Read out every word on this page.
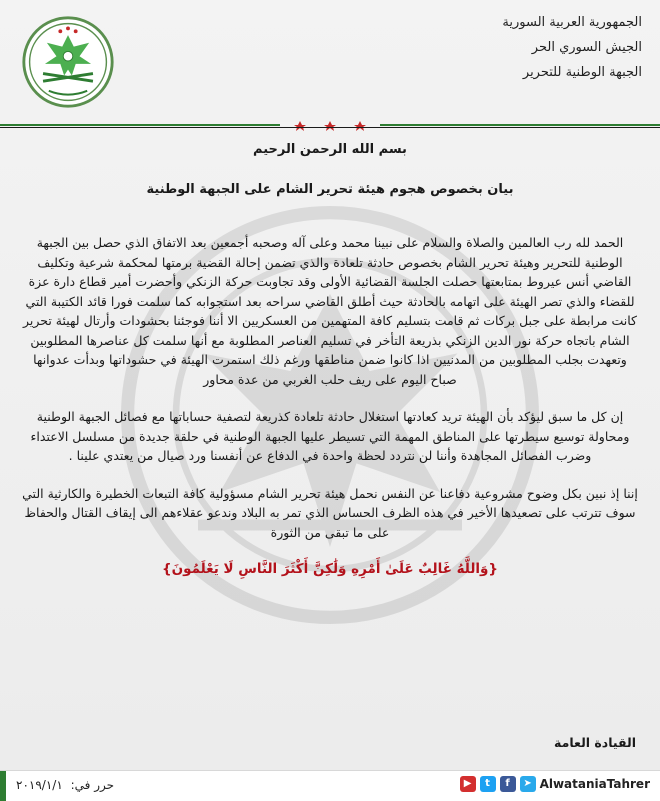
الجمهورية العربية السورية
الجيش السوري الحر
الجبهة الوطنية للتحرير

بسم الله الرحمن الرحيم

بيان بخصوص هجوم هيئة تحرير الشام على الجبهة الوطنية

الحمد لله رب العالمين والصلاة والسلام على نبينا محمد وعلى آله وصحبه أجمعين بعد الاتفاق الذي حصل بين الجبهة الوطنية للتحرير وهيئة تحرير الشام بخصوص حادثة تلعادة والذي تضمن إحالة القضية برمتها لمحكمة شرعية وتكليف القاضي أنس عيروط بمتابعتها حصلت الجلسة القضائية الأولى وقد تجاوبت حركة الزنكي وأحضرت أمير قطاع دارة عزة للقضاء والذي تصر الهيئة على اتهامه بالحادثة حيث أطلق القاضي سراحه بعد استجوابه كما سلمت فورا قائد الكتيبة التي كانت مرابطة على جبل بركات ثم قامت بتسليم كافة المتهمين من العسكريين الا أننا فوجئنا بحشودات وأرتال لهيئة تحرير الشام باتجاه حركة نور الدين الزنكي بذريعة التأخر في تسليم العناصر المطلوبة مع أنها سلمت كل عناصرها المطلوبين وتعهدت بجلب المطلوبين من المدنيين اذا كانوا ضمن مناطقها ورغم ذلك استمرت الهيئة في حشوداتها وبدأت عدوانها صباح اليوم على ريف حلب الغربي من عدة محاور

إن كل ما سبق ليؤكد بأن الهيئة تريد كعادتها استغلال حادثة تلعادة كذريعة لتصفية حساباتها مع فصائل الجبهة الوطنية ومحاولة توسيع سيطرتها على المناطق المهمة التي تسيطر عليها الجبهة الوطنية في حلقة جديدة من مسلسل الاعتداء وضرب الفصائل المجاهدة وأننا لن نتردد لحظة واحدة في الدفاع عن أنفسنا ورد صيال من يعتدي علينا .

إننا إذ نبين بكل وضوح مشروعية دفاعنا عن النفس نحمل هيئة تحرير الشام مسؤولية كافة التبعات الخطيرة والكارثية التي سوف تترتب على تصعيدها الأخير في هذه الظرف الحساس الذي تمر به البلاد وندعو عقلاءهم الى إيقاف القتال والحفاظ على ما تبقى من الثورة

{وَاللَّهُ غَالِبٌ عَلَىٰ أَمْرِهِ وَلَٰكِنَّ أَكْثَرَ النَّاسِ لَا يَعْلَمُونَ}

القيادة العامة
حرر في: ٢٠١٩/١/١	▶	t	f	➤ AlwataniaTahrer
